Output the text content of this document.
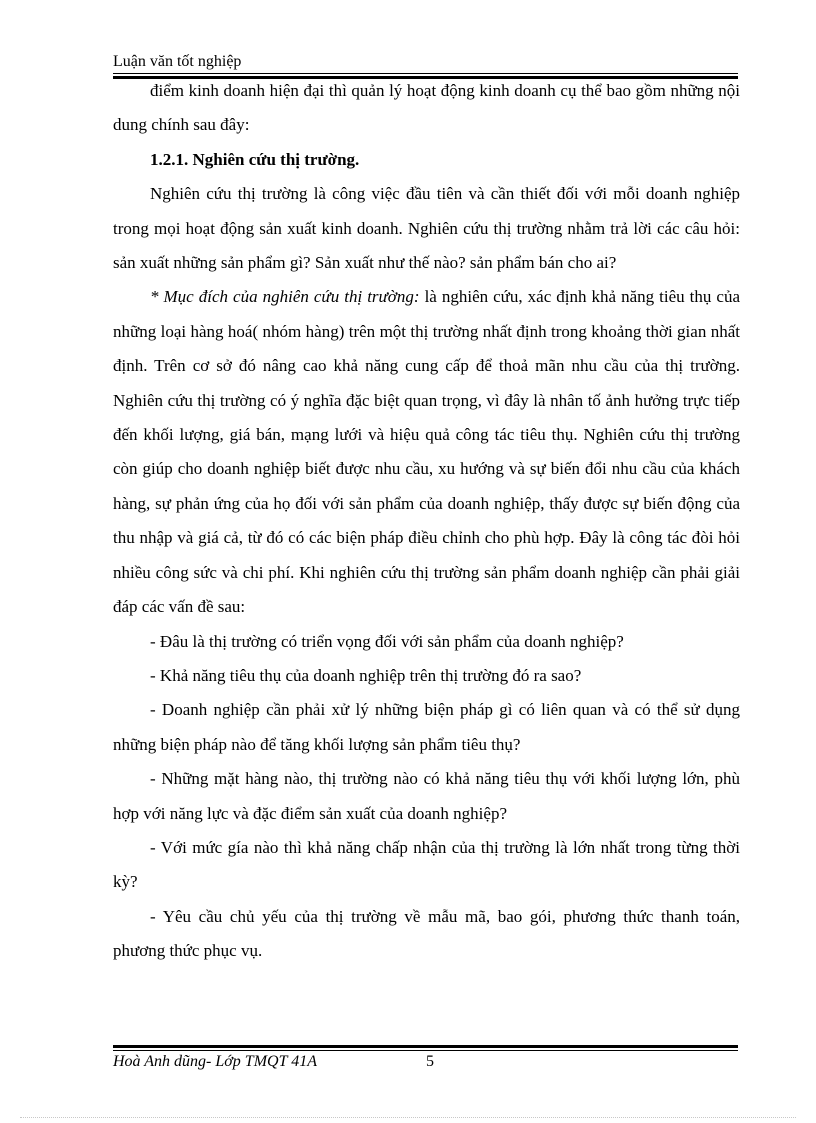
Luận văn tốt nghiệp

điểm kinh doanh hiện đại thì quản lý hoạt động kinh doanh cụ thể bao gồm những nội dung chính sau đây:

1.2.1. Nghiên cứu thị trường.

Nghiên cứu thị trường là công việc đầu tiên và cần thiết đối với mỗi doanh nghiệp trong mọi hoạt động sản xuất kinh doanh. Nghiên cứu thị trường nhằm trả lời các câu hỏi: sản xuất những sản phẩm gì? Sản xuất như thế nào? sản phẩm bán cho ai?

* Mục đích của nghiên cứu thị trường: là nghiên cứu, xác định khả năng tiêu thụ của những loại hàng hoá( nhóm hàng) trên một thị trường nhất định trong khoảng thời gian nhất định. Trên cơ sở đó nâng cao khả năng cung cấp để thoả mãn nhu cầu của thị trường. Nghiên cứu thị trường có ý nghĩa đặc biệt quan trọng, vì đây là nhân tố ảnh hưởng trực tiếp đến khối lượng, giá bán, mạng lưới và hiệu quả công tác tiêu thụ. Nghiên cứu thị trường còn giúp cho doanh nghiệp biết được nhu cầu, xu hướng và sự biến đổi nhu cầu của khách hàng, sự phản ứng của họ đối với sản phẩm của doanh nghiệp, thấy được sự biến động của thu nhập và giá cả, từ đó có các biện pháp điều chỉnh cho phù hợp. Đây là công tác đòi hỏi nhiều công sức và chi phí. Khi nghiên cứu thị trường sản phẩm doanh nghiệp cần phải giải đáp các vấn đề sau:

- Đâu là thị trường có triển vọng đối với sản phẩm của doanh nghiệp?

- Khả năng tiêu thụ của doanh nghiệp trên thị trường đó ra sao?

- Doanh nghiệp cần phải xử lý những biện pháp gì có liên quan và có thể sử dụng những biện pháp nào để tăng khối lượng sản phẩm tiêu thụ?

- Những mặt hàng nào, thị trường nào có khả năng tiêu thụ với khối lượng lớn, phù hợp với năng lực và đặc điểm sản xuất của doanh nghiệp?

- Với mức gía nào thì khả năng chấp nhận của thị trường là lớn nhất trong từng thời kỳ?

- Yêu cầu chủ yếu của thị trường về mẫu mã, bao gói, phương thức thanh toán, phương thức phục vụ.

Hoà Anh dũng- Lớp TMQT 41A	5
